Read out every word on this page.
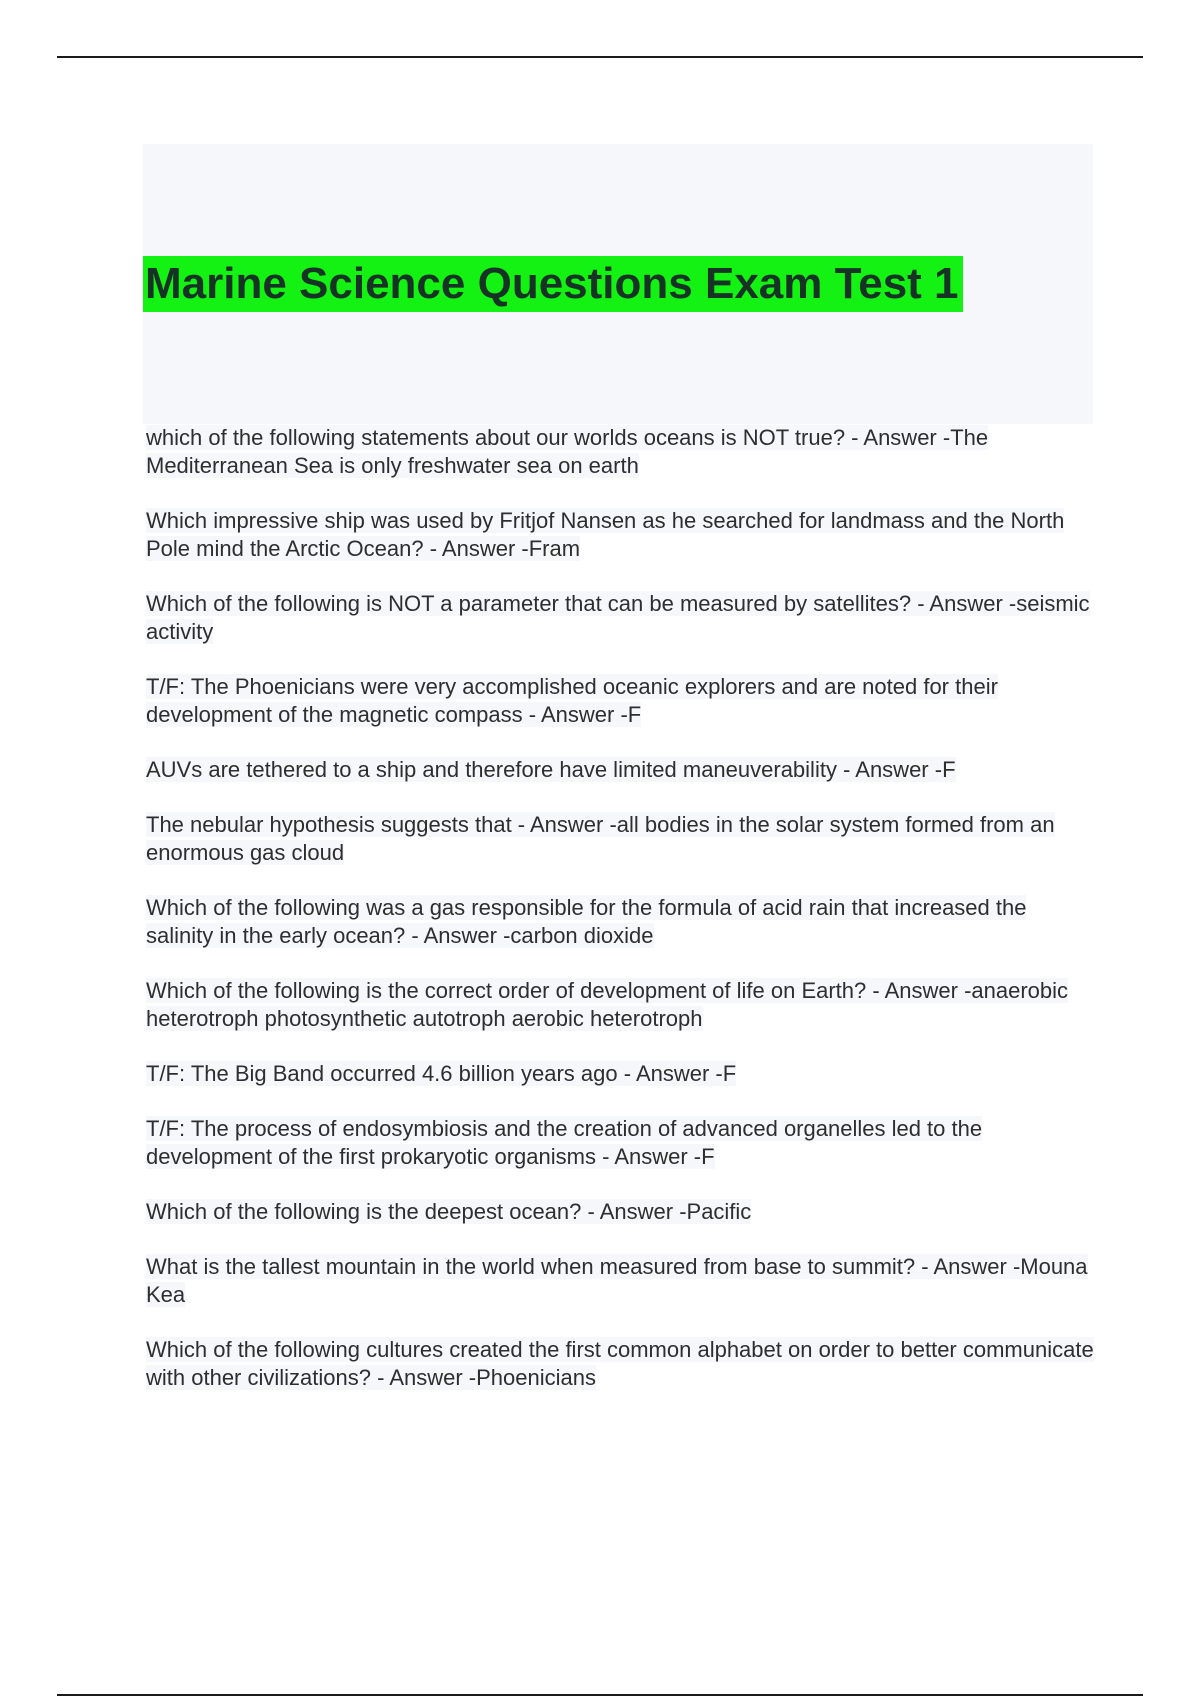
Marine Science Questions Exam Test 1

which of the following statements about our worlds oceans is NOT true? - Answer -The Mediterranean Sea is only freshwater sea on earth

Which impressive ship was used by Fritjof Nansen as he searched for landmass and the North Pole mind the Arctic Ocean? - Answer -Fram

Which of the following is NOT a parameter that can be measured by satellites? - Answer -seismic activity

T/F: The Phoenicians were very accomplished oceanic explorers and are noted for their development of the magnetic compass - Answer -F

AUVs are tethered to a ship and therefore have limited maneuverability - Answer -F

The nebular hypothesis suggests that - Answer -all bodies in the solar system formed from an enormous gas cloud

Which of the following was a gas responsible for the formula of acid rain that increased the salinity in the early ocean? - Answer -carbon dioxide

Which of the following is the correct order of development of life on Earth? - Answer -anaerobic heterotroph photosynthetic autotroph aerobic heterotroph

T/F: The Big Band occurred 4.6 billion years ago - Answer -F

T/F: The process of endosymbiosis and the creation of advanced organelles led to the development of the first prokaryotic organisms - Answer -F

Which of the following is the deepest ocean? - Answer -Pacific

What is the tallest mountain in the world when measured from base to summit? - Answer -Mouna Kea

Which of the following cultures created the first common alphabet on order to better communicate with other civilizations? - Answer -Phoenicians
